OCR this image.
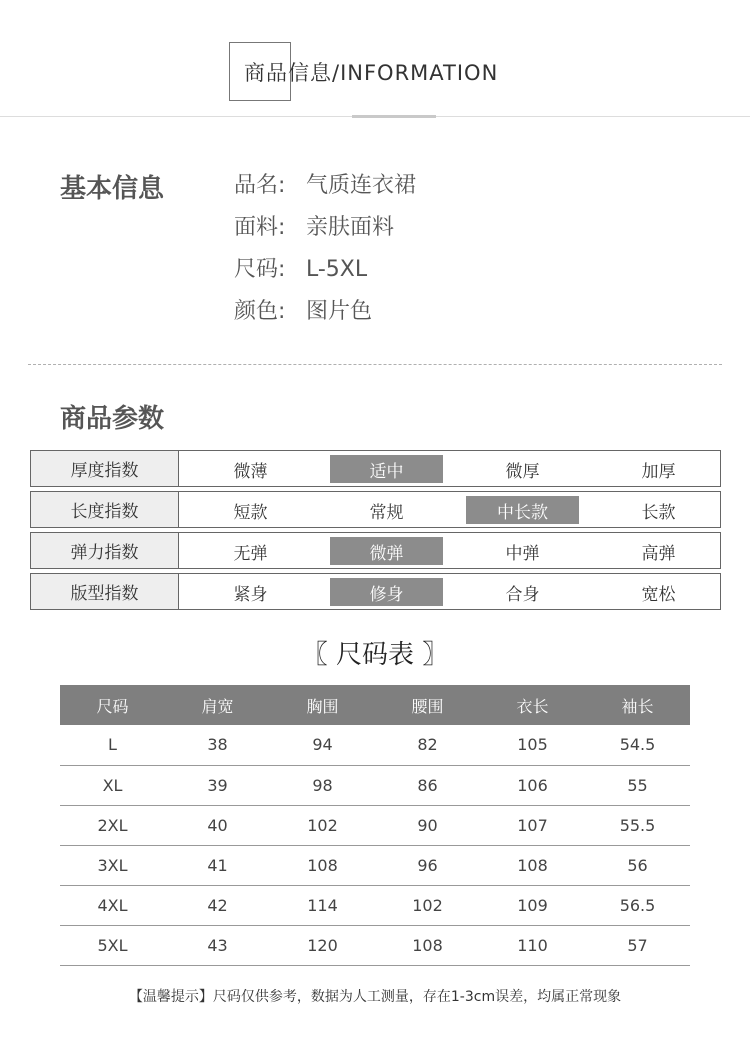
商品信息/INFORMATION
基本信息	品名: 气质连衣裙
面料: 亲肤面料
尺码: L-5XL
颜色: 图片色
商品参数
厚度指数	微薄	适中	微厚	加厚
长度指数	短款	常规	中长款	长款
弹力指数	无弹	微弹	中弹	高弹
版型指数	紧身	修身	合身	宽松
〖 尺码表 〗
尺码	肩宽	胸围	腰围	衣长	袖长
L	38	94	82	105	54.5
XL	39	98	86	106	55
2XL	40	102	90	107	55.5
3XL	41	108	96	108	56
4XL	42	114	102	109	56.5
5XL	43	120	108	110	57
【温馨提示】尺码仅供参考，数据为人工测量，存在1-3cm误差，均属正常现象
